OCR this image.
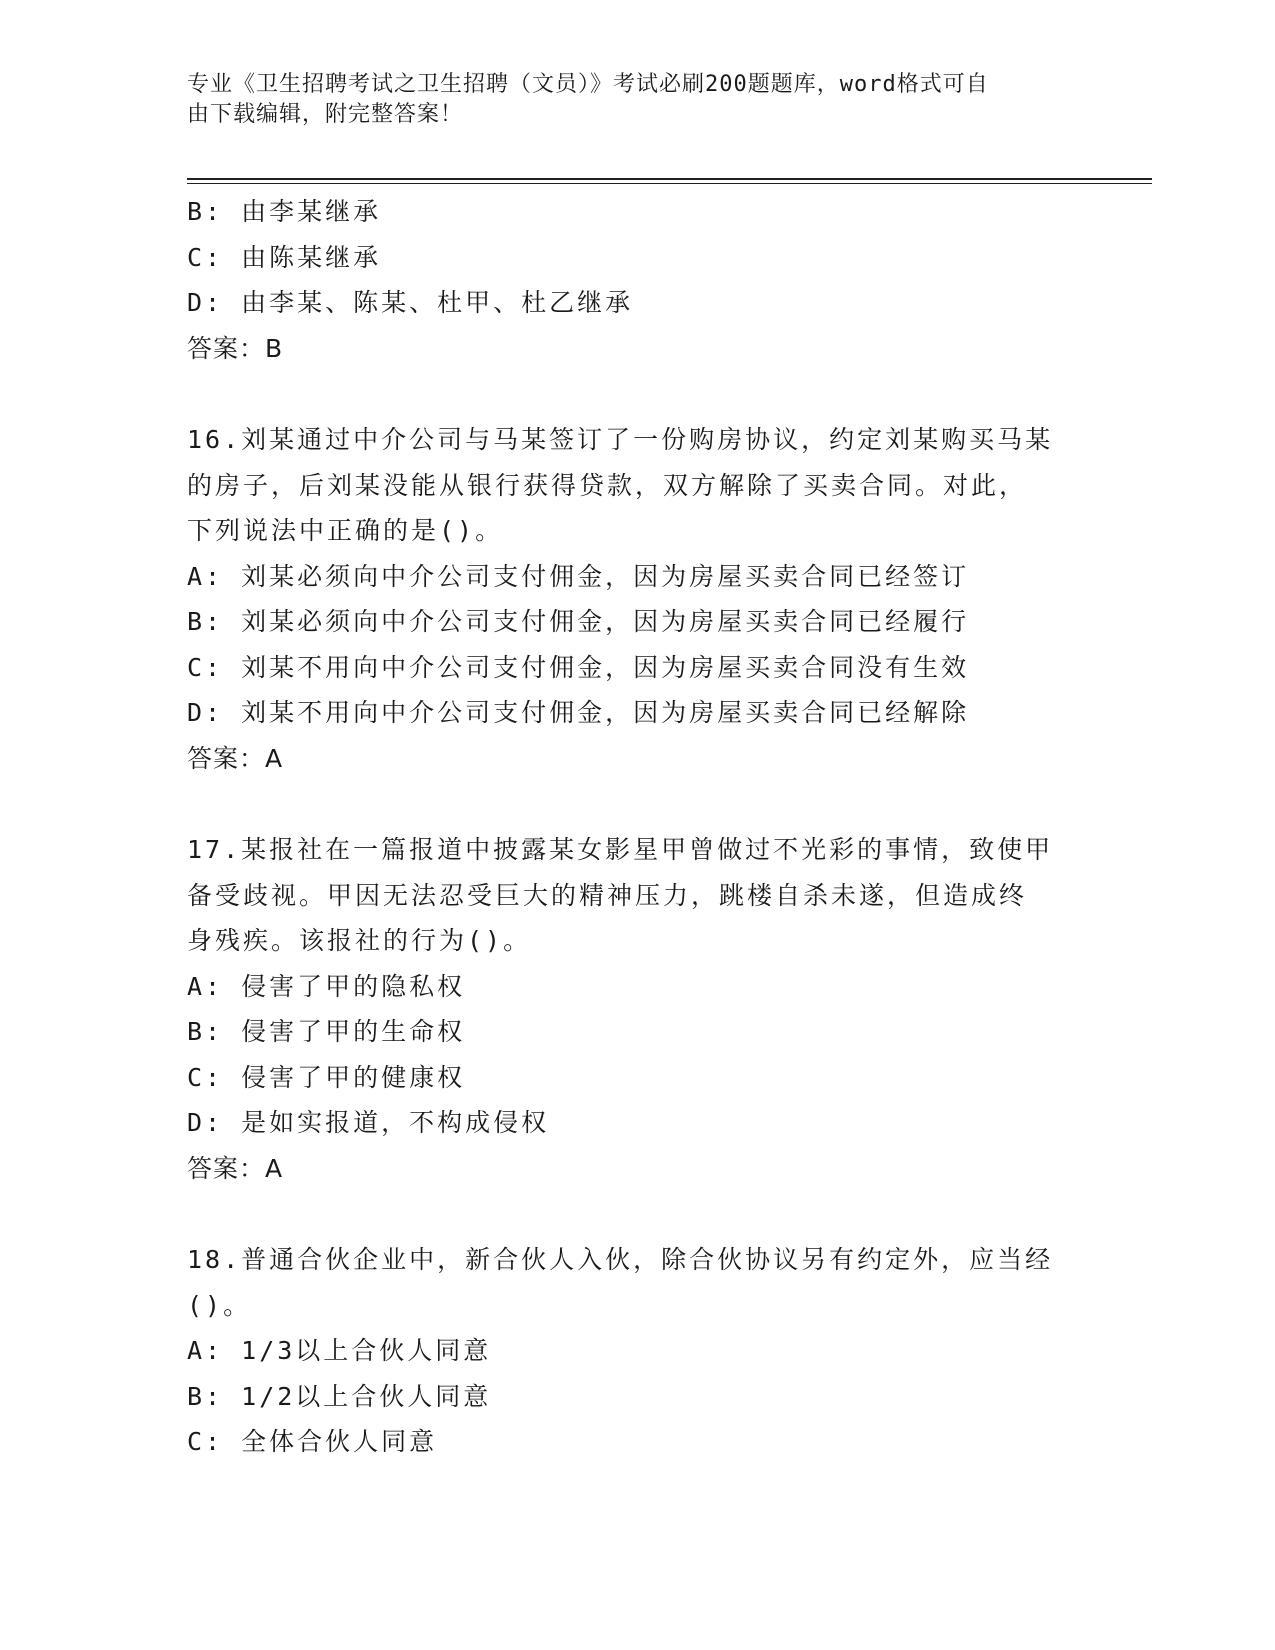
专业《卫生招聘考试之卫生招聘（文员）》考试必刷200题题库，word格式可自
由下载编辑，附完整答案！
B: 由李某继承
C: 由陈某继承
D: 由李某、陈某、杜甲、杜乙继承
答案：B
16.刘某通过中介公司与马某签订了一份购房协议，约定刘某购买马某
的房子，后刘某没能从银行获得贷款，双方解除了买卖合同。对此，
下列说法中正确的是()。
A: 刘某必须向中介公司支付佣金，因为房屋买卖合同已经签订
B: 刘某必须向中介公司支付佣金，因为房屋买卖合同已经履行
C: 刘某不用向中介公司支付佣金，因为房屋买卖合同没有生效
D: 刘某不用向中介公司支付佣金，因为房屋买卖合同已经解除
答案：A
17.某报社在一篇报道中披露某女影星甲曾做过不光彩的事情，致使甲
备受歧视。甲因无法忍受巨大的精神压力，跳楼自杀未遂，但造成终
身残疾。该报社的行为()。
A: 侵害了甲的隐私权
B: 侵害了甲的生命权
C: 侵害了甲的健康权
D: 是如实报道，不构成侵权
答案：A
18.普通合伙企业中，新合伙人入伙，除合伙协议另有约定外，应当经
()。
A: 1/3以上合伙人同意
B: 1/2以上合伙人同意
C: 全体合伙人同意
